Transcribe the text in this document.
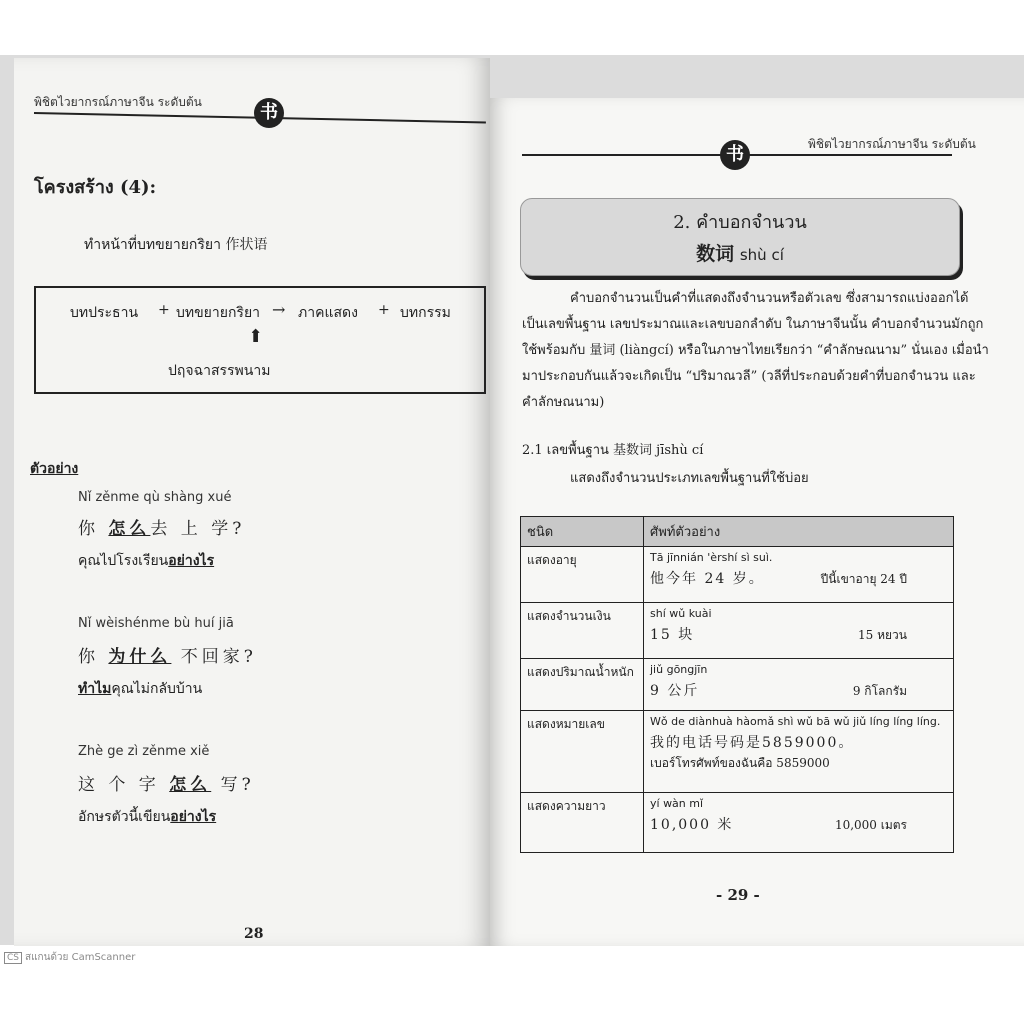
พิชิตไวยากรณ์ภาษาจีน ระดับต้น	书
โครงสร้าง (4):
ทำหน้าที่บทขยายกริยา 作状语
บทประธาน + บทขยายกริยา → ภาคแสดง + บทกรรม
⬆
ปฤจฉาสรรพนาม
ตัวอย่าง
Nǐ zěnme qù shàng xué
你 怎么去 上 学?
คุณไปโรงเรียนอย่างไร
Nǐ wèishénme bù huí jiā
你 为什么 不回家?
ทำไมคุณไม่กลับบ้าน
Zhè ge zì zěnme xiě
这 个 字 怎么 写?
อักษรตัวนี้เขียนอย่างไร
28
书	พิชิตไวยากรณ์ภาษาจีน ระดับต้น
2. คำบอกจำนวน
数词 shù cí
คำบอกจำนวนเป็นคำที่แสดงถึงจำนวนหรือตัวเลข ซึ่งสามารถแบ่งออกได้
เป็นเลขพื้นฐาน เลขประมาณและเลขบอกลำดับ ในภาษาจีนนั้น คำบอกจำนวนมักถูก
ใช้พร้อมกับ 量词 (liàngcí) หรือในภาษาไทยเรียกว่า “คำลักษณนาม” นั่นเอง เมื่อนำ
มาประกอบกันแล้วจะเกิดเป็น “ปริมาณวลี” (วลีที่ประกอบด้วยคำที่บอกจำนวน และ
คำลักษณนาม)
2.1 เลขพื้นฐาน 基数词 jīshù cí
แสดงถึงจำนวนประเภทเลขพื้นฐานที่ใช้บ่อย
ชนิด	ศัพท์ตัวอย่าง
แสดงอายุ	Tā jīnnián 'èrshí sì suì.
他今年 24 岁。 ปีนี้เขาอายุ 24 ปี

แสดงจำนวนเงิน	shí wǔ kuài
15 块 15 หยวน

แสดงปริมาณน้ำหนัก	jiǔ gōngjīn
9 公斤 9 กิโลกรัม

แสดงหมายเลข	Wǒ de diànhuà hàomǎ shì wǔ bā wǔ jiǔ líng líng líng.
我的电话号码是5859000。
เบอร์โทรศัพท์ของฉันคือ 5859000

แสดงความยาว	yí wàn mǐ
10,000 米 10,000 เมตร
- 29 -
CS สแกนด้วย CamScanner
